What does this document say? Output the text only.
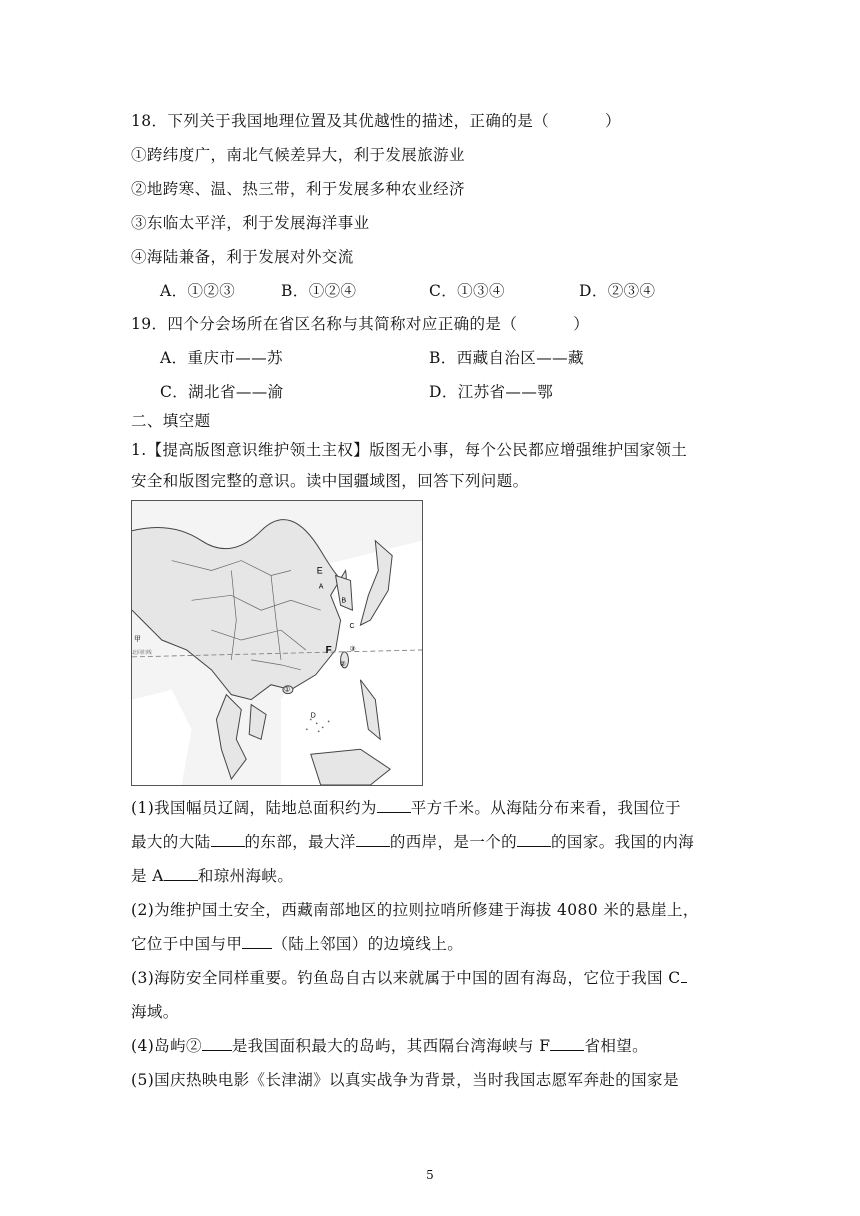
18．下列关于我国地理位置及其优越性的描述，正确的是（	）
①跨纬度广，南北气候差异大，利于发展旅游业
②地跨寒、温、热三带，利于发展多种农业经济
③东临太平洋，利于发展海洋事业
④海陆兼备，利于发展对外交流
A．①②③	B．①②④	C．①③④	D．②③④
19．四个分会场所在省区名称与其简称对应正确的是（	）
A．重庆市——苏	B．西藏自治区——藏
C．湖北省——渝	D．江苏省——鄂
二、填空题
1.【提高版图意识维护领土主权】版图无小事，每个公民都应增强维护国家领土
安全和版图完整的意识。读中国疆域图，回答下列问题。
E
A
B
C
F
D
甲
北回归线	③
②
①
(1)我国幅员辽阔，陆地总面积约为 平方千米。从海陆分布来看，我国位于
最大的大陆 的东部，最大洋 的西岸，是一个的 的国家。我国的内海
是 A 和琼州海峡。
(2)为维护国土安全，西藏南部地区的拉则拉哨所修建于海拔 4080 米的悬崖上，
它位于中国与甲 （陆上邻国）的边境线上。
(3)海防安全同样重要。钓鱼岛自古以来就属于中国的固有海岛，它位于我国 C
海域。
(4)岛屿② 是我国面积最大的岛屿，其西隔台湾海峡与 F 省相望。
(5)国庆热映电影《长津湖》以真实战争为背景，当时我国志愿军奔赴的国家是
5
